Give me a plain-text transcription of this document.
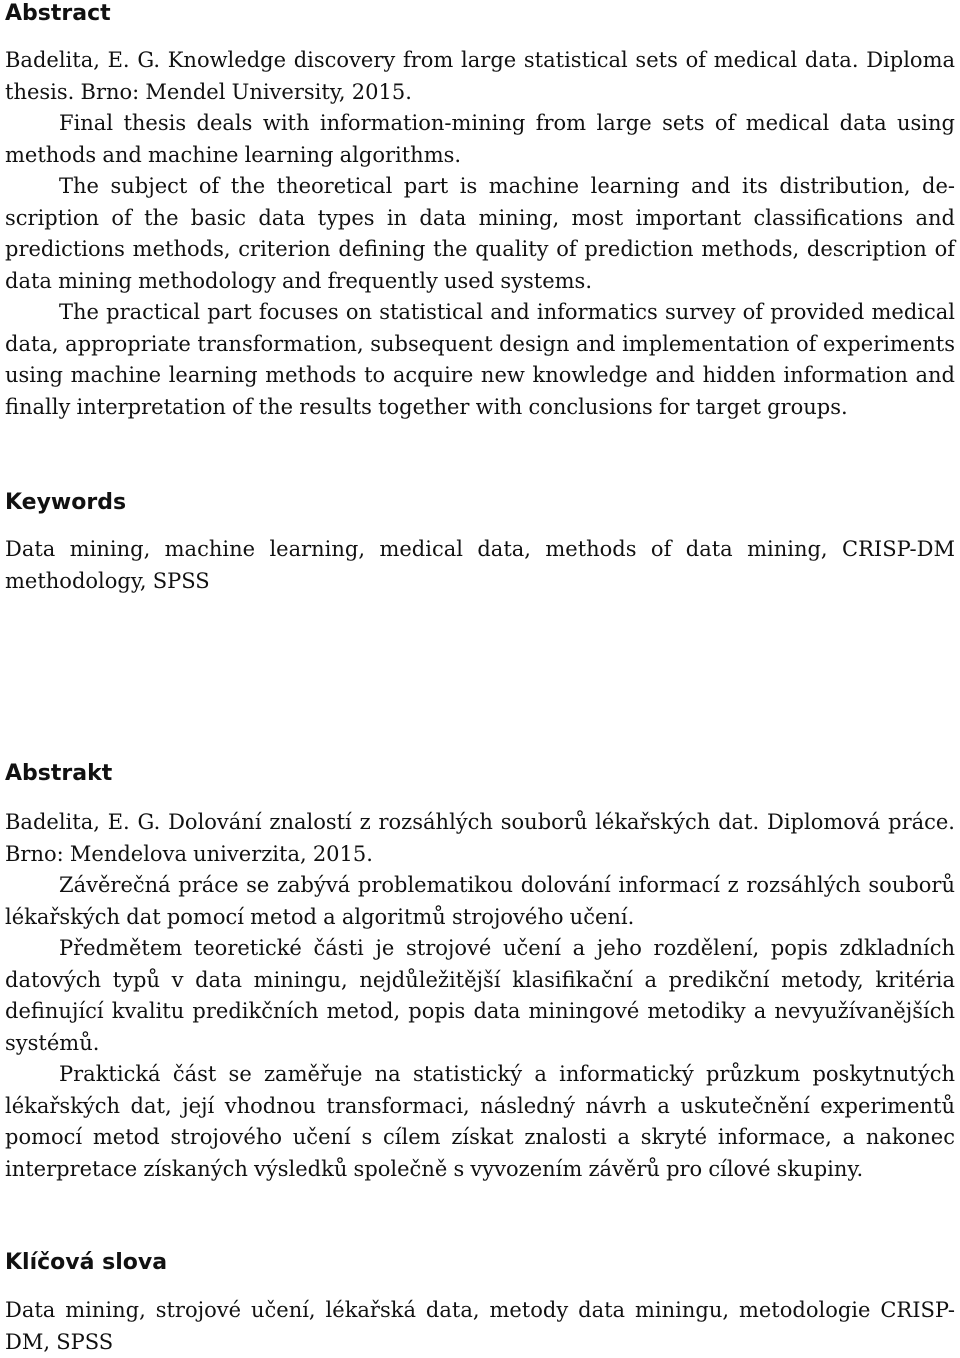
Abstract

Badelita, E. G. Knowledge discovery from large statistical sets of medical data. Diploma thesis. Brno: Mendel University, 2015.

Final thesis deals with information-mining from large sets of medical data using methods and machine learning algorithms.

The subject of the theoretical part is machine learning and its distribution, description of the basic data types in data mining, most important classifications and predictions methods, criterion defining the quality of prediction methods, description of data mining methodology and frequently used systems.

The practical part focuses on statistical and informatics survey of provided medical data, appropriate transformation, subsequent design and implementation of experiments using machine learning methods to acquire new knowledge and hidden information and finally interpretation of the results together with conclusions for target groups.

Keywords

Data mining, machine learning, medical data, methods of data mining, CRISP-DM methodology, SPSS

Abstrakt

Badelita, E. G. Dolování znalostí z rozsáhlých souborů lékařských dat. Diplomová práce. Brno: Mendelova univerzita, 2015.

Závěrečná práce se zabývá problematikou dolování informací z rozsáhlých souborů lékařských dat pomocí metod a algoritmů strojového učení.

Předmětem teoretické části je strojové učení a jeho rozdělení, popis zdkladních datových typů v data miningu, nejdůležitější klasifikační a predikční metody, kritéria definující kvalitu predikčních metod, popis data miningové metodiky a nevyužívanějších systémů.

Praktická část se zaměřuje na statistický a informatický průzkum poskytnutých lékařských dat, její vhodnou transformaci, následný návrh a uskutečnění experimentů pomocí metod strojového učení s cílem získat znalosti a skryté informace, a nakonec interpretace získaných výsledků společně s vyvozením závěrů pro cílové skupiny.

Klíčová slova

Data mining, strojové učení, lékařská data, metody data miningu, metodologie CRISP-DM, SPSS
